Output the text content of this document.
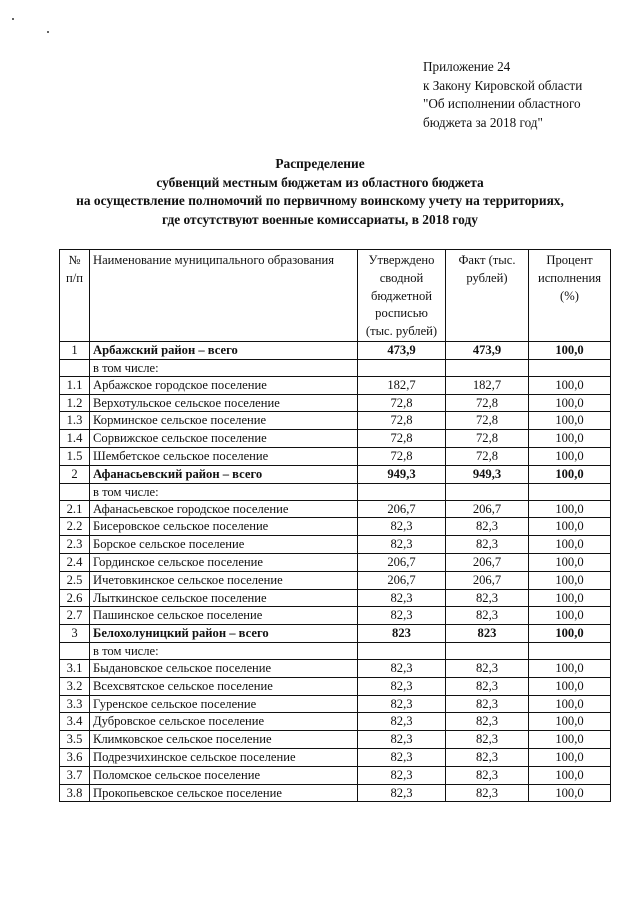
Приложение 24
к Закону Кировской области
"Об исполнении областного
бюджета за 2018 год"
Распределение
субвенций местным бюджетам из областного бюджета
на осуществление полномочий по первичному воинскому учету на территориях,
где отсутствуют военные комиссариаты, в 2018 году
№ п/п	Наименование муниципального образования	Утверждено сводной бюджетной росписью (тыс. рублей)	Факт (тыс. рублей)	Процент исполнения (%)
1	Арбажский район – всего	473,9	473,9	100,0
	в том числе:			
1.1	Арбажское городское поселение	182,7	182,7	100,0
1.2	Верхотульское сельское поселение	72,8	72,8	100,0
1.3	Корминское сельское поселение	72,8	72,8	100,0
1.4	Сорвижское сельское поселение	72,8	72,8	100,0
1.5	Шембетское сельское поселение	72,8	72,8	100,0
2	Афанасьевский район – всего	949,3	949,3	100,0
	в том числе:			
2.1	Афанасьевское городское поселение	206,7	206,7	100,0
2.2	Бисеровское сельское поселение	82,3	82,3	100,0
2.3	Борское сельское поселение	82,3	82,3	100,0
2.4	Гординское сельское поселение	206,7	206,7	100,0
2.5	Ичетовкинское сельское поселение	206,7	206,7	100,0
2.6	Лыткинское сельское поселение	82,3	82,3	100,0
2.7	Пашинское сельское поселение	82,3	82,3	100,0
3	Белохолуницкий район – всего	823	823	100,0
	в том числе:			
3.1	Быдановское сельское поселение	82,3	82,3	100,0
3.2	Всехсвятское сельское поселение	82,3	82,3	100,0
3.3	Гуренское сельское поселение	82,3	82,3	100,0
3.4	Дубровское сельское поселение	82,3	82,3	100,0
3.5	Климковское сельское поселение	82,3	82,3	100,0
3.6	Подрезчихинское сельское поселение	82,3	82,3	100,0
3.7	Поломское сельское поселение	82,3	82,3	100,0
3.8	Прокопьевское сельское поселение	82,3	82,3	100,0
